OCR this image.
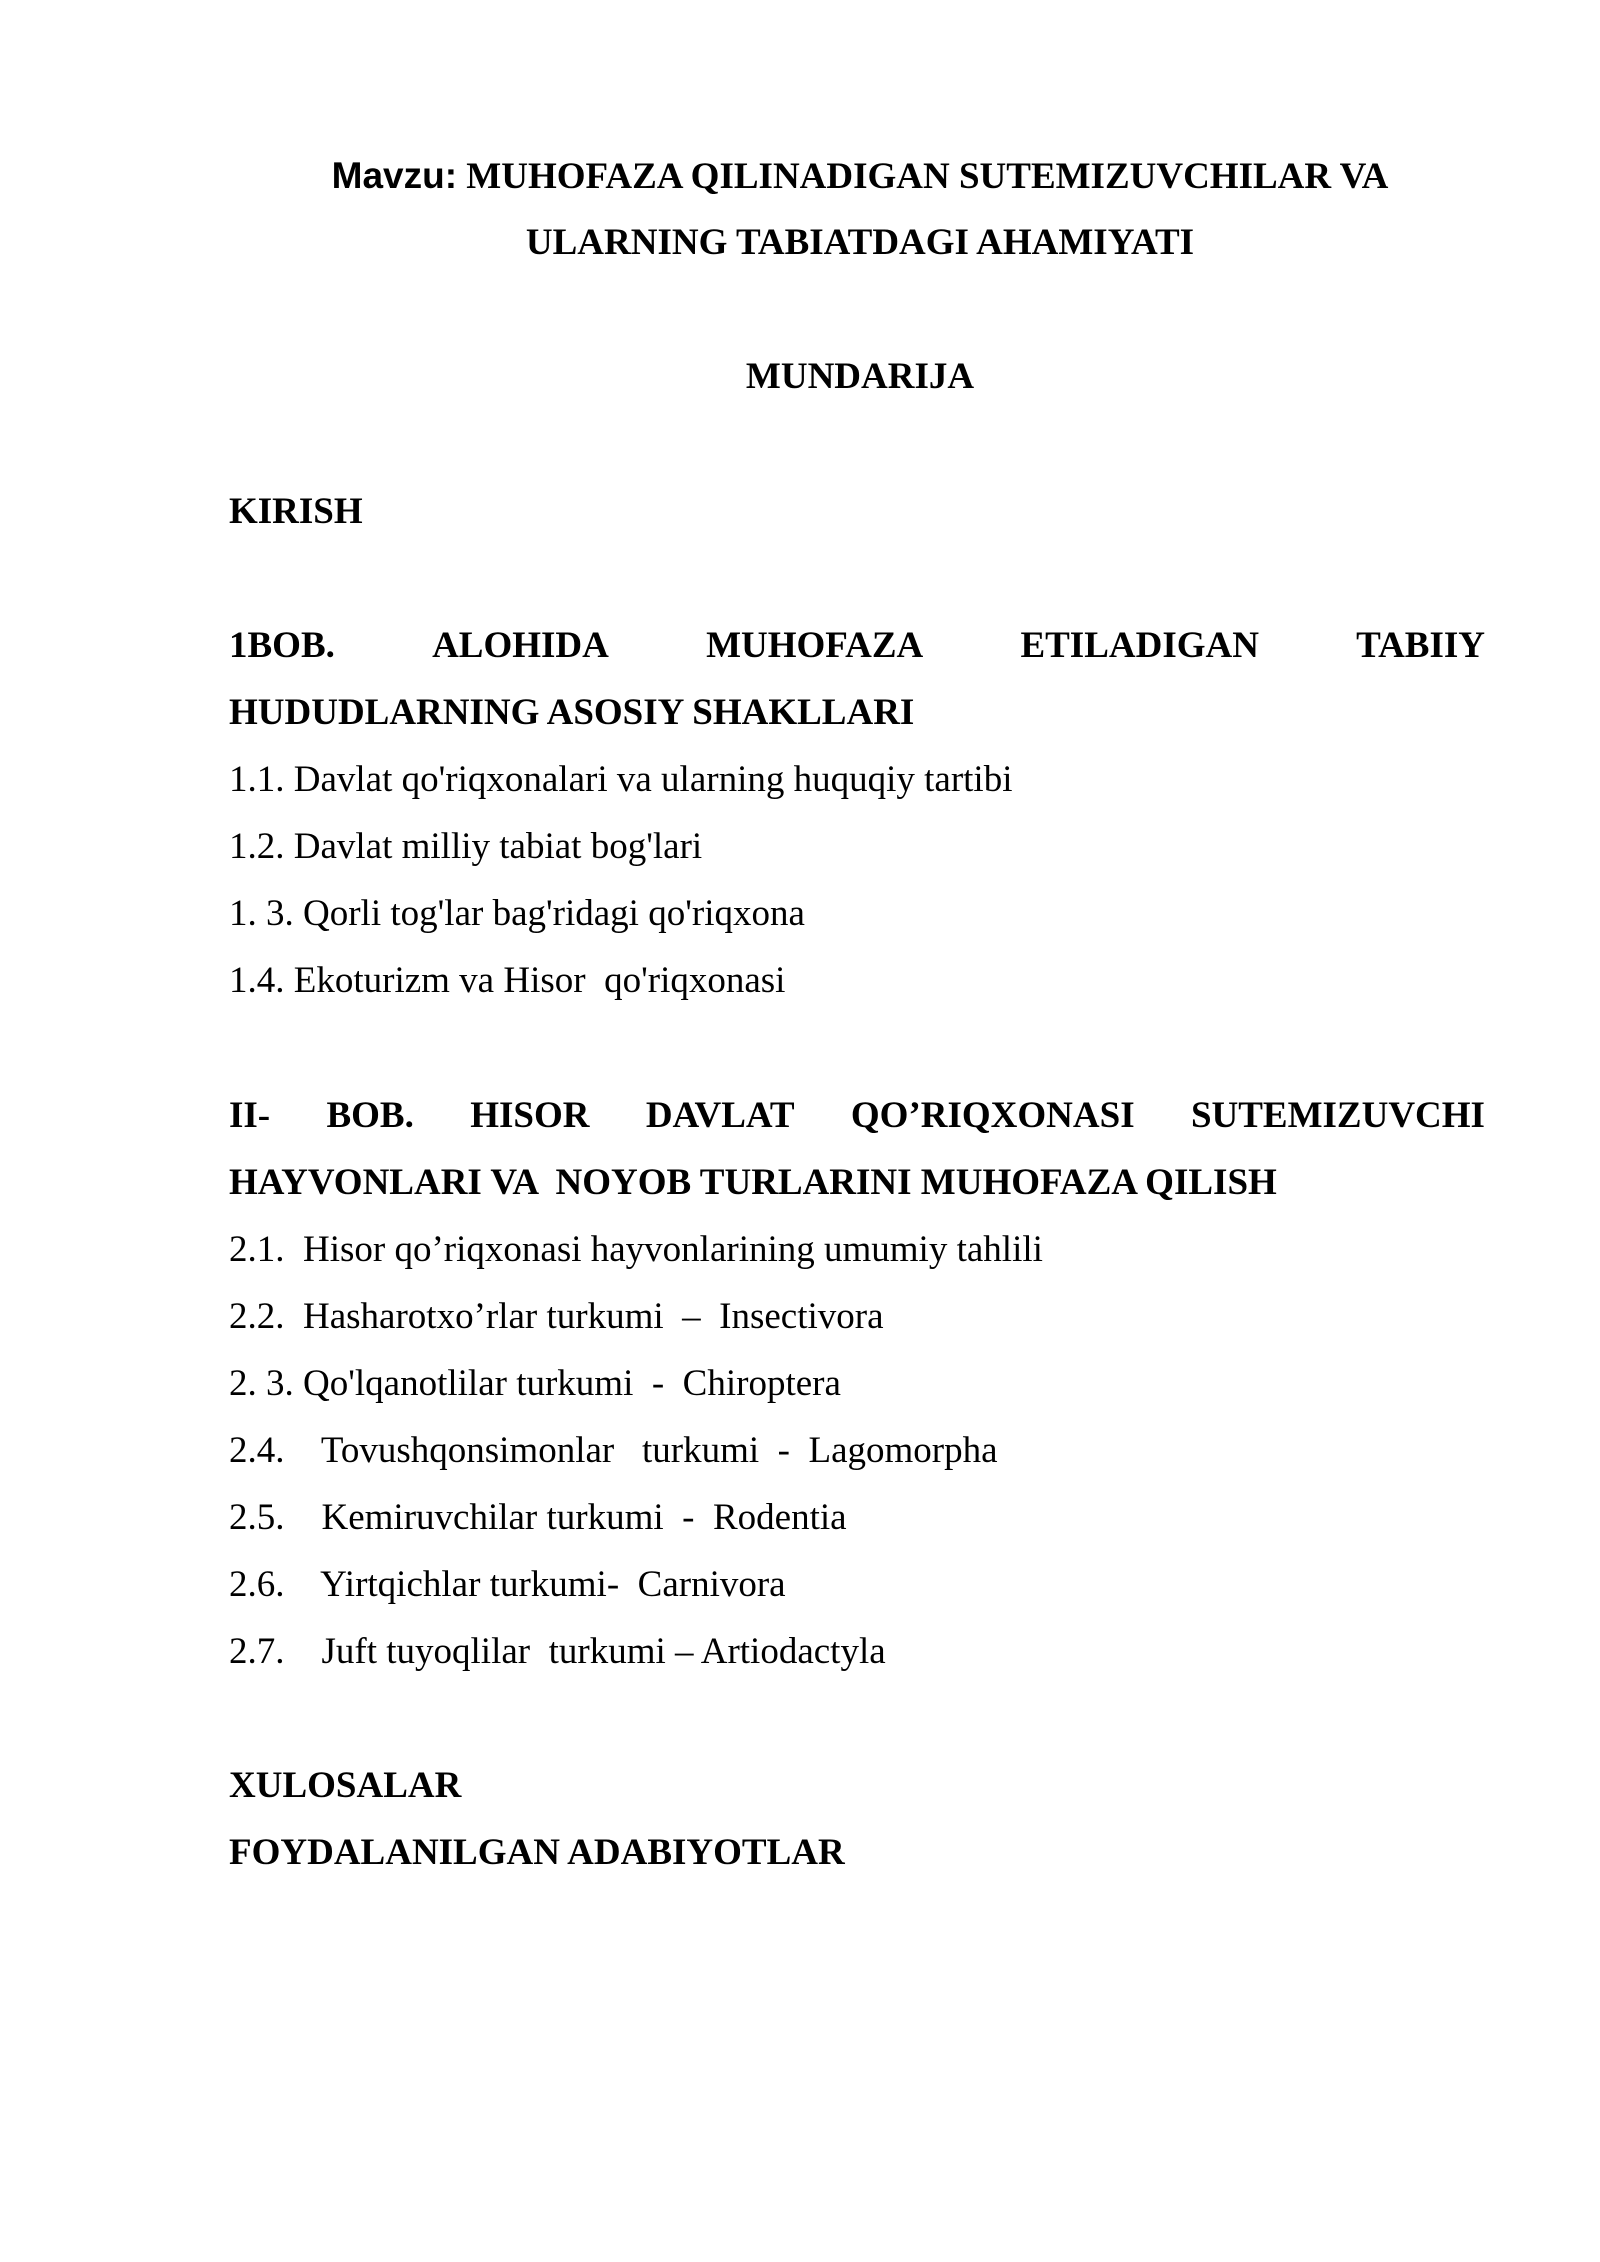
Mavzu: MUHOFAZA QILINADIGAN SUTEMIZUVCHILAR VA
ULARNING TABIATDAGI AHAMIYATI
MUNDARIJA
KIRISH
1BOB.	ALOHIDA	MUHOFAZA	ETILADIGAN	TABIIY
HUDUDLARNING ASOSIY SHAKLLARI
1.1. Davlat qo'riqxonalari va ularning huquqiy tartibi
1.2. Davlat milliy tabiat bog'lari
1. 3. Qorli tog'lar bag'ridagi qo'riqxona
1.4. Ekoturizm va Hisor  qo'riqxonasi
II- BOB. HISOR DAVLAT QO’RIQXONASI SUTEMIZUVCHI
HAYVONLARI VA  NOYOB TURLARINI MUHOFAZA QILISH
2.1.  Hisor qo’riqxonasi hayvonlarining umumiy tahlili
2.2.  Hasharotxo’rlar turkumi  –  Insectivora
2. 3. Qo'lqanotlilar turkumi  -  Chiroptera
2.4.    Tovushqonsimonlar   turkumi  -  Lagomorpha
2.5.    Kemiruvchilar turkumi  -  Rodentia
2.6.    Yirtqichlar turkumi-  Carnivora
2.7.    Juft tuyoqlilar  turkumi – Artiodactyla
XULOSALAR
FOYDALANILGAN ADABIYOTLAR
